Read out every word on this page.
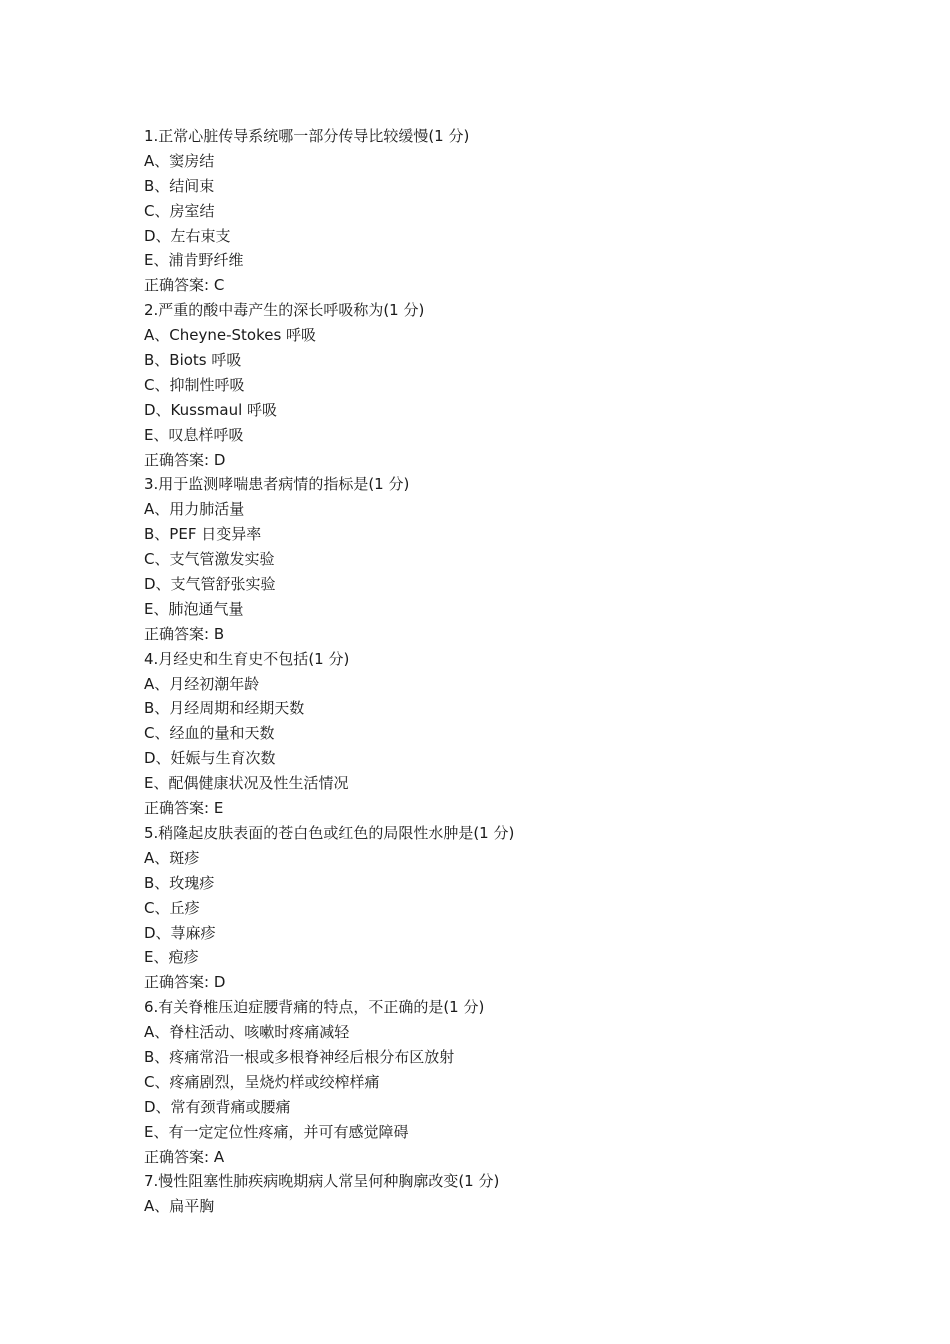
1.正常心脏传导系统哪一部分传导比较缓慢(1 分)
A、窦房结
B、结间束
C、房室结
D、左右束支
E、浦肯野纤维
正确答案: C
2.严重的酸中毒产生的深长呼吸称为(1 分)
A、Cheyne-Stokes 呼吸
B、Biots 呼吸
C、抑制性呼吸
D、Kussmaul 呼吸
E、叹息样呼吸
正确答案: D
3.用于监测哮喘患者病情的指标是(1 分)
A、用力肺活量
B、PEF 日变异率
C、支气管激发实验
D、支气管舒张实验
E、肺泡通气量
正确答案: B
4.月经史和生育史不包括(1 分)
A、月经初潮年龄
B、月经周期和经期天数
C、经血的量和天数
D、妊娠与生育次数
E、配偶健康状况及性生活情况
正确答案: E
5.稍隆起皮肤表面的苍白色或红色的局限性水肿是(1 分)
A、斑疹
B、玫瑰疹
C、丘疹
D、荨麻疹
E、疱疹
正确答案: D
6.有关脊椎压迫症腰背痛的特点，不正确的是(1 分)
A、脊柱活动、咳嗽时疼痛减轻
B、疼痛常沿一根或多根脊神经后根分布区放射
C、疼痛剧烈，呈烧灼样或绞榨样痛
D、常有颈背痛或腰痛
E、有一定定位性疼痛，并可有感觉障碍
正确答案: A
7.慢性阻塞性肺疾病晚期病人常呈何种胸廓改变(1 分)
A、扁平胸
